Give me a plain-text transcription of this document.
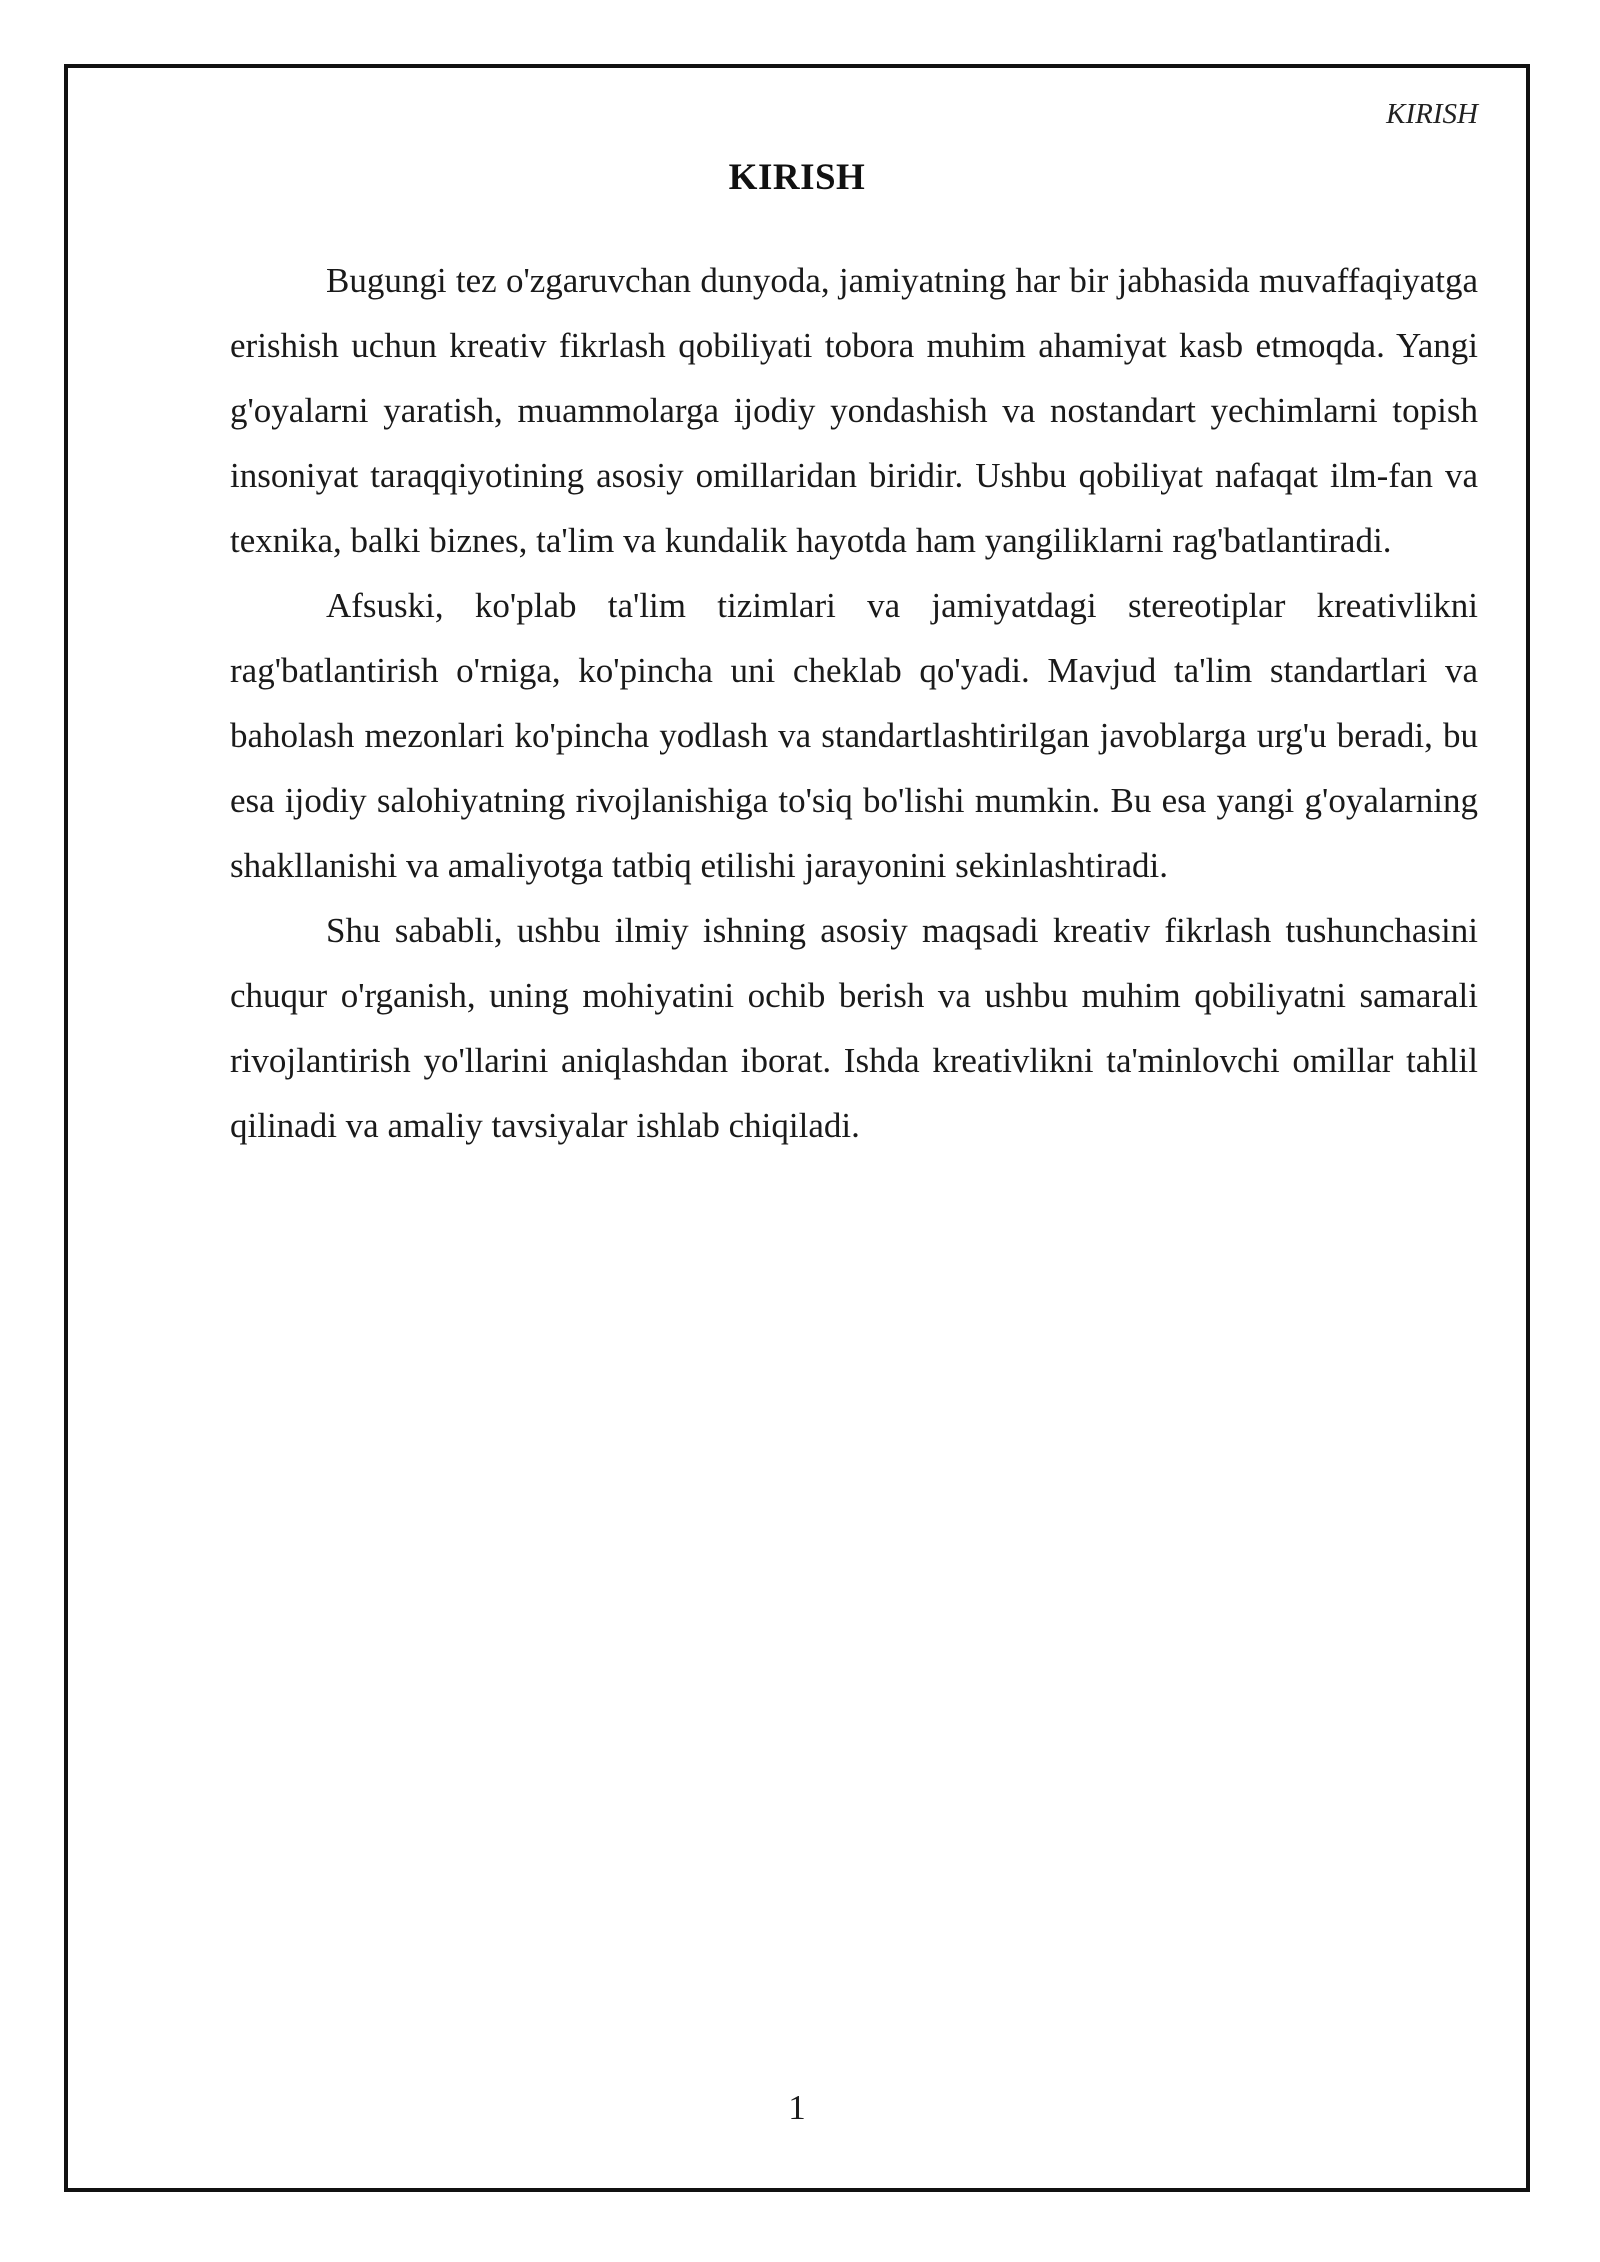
KIRISH
KIRISH

Bugungi tez o'zgaruvchan dunyoda, jamiyatning har bir jabhasida muvaffaqiyatga erishish uchun kreativ fikrlash qobiliyati tobora muhim ahamiyat kasb etmoqda. Yangi g'oyalarni yaratish, muammolarga ijodiy yondashish va nostandart yechimlarni topish insoniyat taraqqiyotining asosiy omillaridan biridir. Ushbu qobiliyat nafaqat ilm-fan va texnika, balki biznes, ta'lim va kundalik hayotda ham yangiliklarni rag'batlantiradi.

Afsuski, ko'plab ta'lim tizimlari va jamiyatdagi stereotiplar kreativlikni rag'batlantirish o'rniga, ko'pincha uni cheklab qo'yadi. Mavjud ta'lim standartlari va baholash mezonlari ko'pincha yodlash va standartlashtirilgan javoblarga urg'u beradi, bu esa ijodiy salohiyatning rivojlanishiga to'siq bo'lishi mumkin. Bu esa yangi g'oyalarning shakllanishi va amaliyotga tatbiq etilishi jarayonini sekinlashtiradi.

Shu sababli, ushbu ilmiy ishning asosiy maqsadi kreativ fikrlash tushunchasini chuqur o'rganish, uning mohiyatini ochib berish va ushbu muhim qobiliyatni samarali rivojlantirish yo'llarini aniqlashdan iborat. Ishda kreativlikni ta'minlovchi omillar tahlil qilinadi va amaliy tavsiyalar ishlab chiqiladi.

1
